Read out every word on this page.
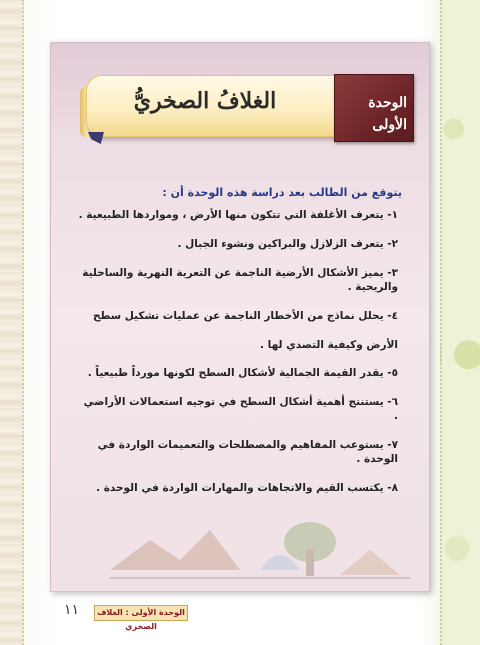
الغلافُ الصخريُّ	الوحدة
الأولى
يتوقع من الطالب بعد دراسة هذه الوحدة أن :
١- يتعرف الأغلفة التي تتكون منها الأرض ، ومواردها الطبيعية .
٢- يتعرف الزلازل والبراكين ونشوء الجبال .
٣- يميز الأشكال الأرضية الناجمة عن التعرية النهرية والساحلية والريحية .
٤- يحلل نماذج من الأخطار الناجمة عن عمليات تشكيل سطح الأرض وكيفية التصدي لها .
٥- يقدر القيمة الجمالية لأشكال السطح لكونها مورداً طبيعياً .
٦- يستنتج أهمية أشكال السطح في توجيه استعمالات الأراضي .
٧- يستوعب المفاهيم والمصطلحات والتعميمات الواردة في الوحدة .
٨- يكتسب القيم والاتجاهات والمهارات الواردة في الوحدة .
الوحدة الأولى : الغلاف الصخري
١١
